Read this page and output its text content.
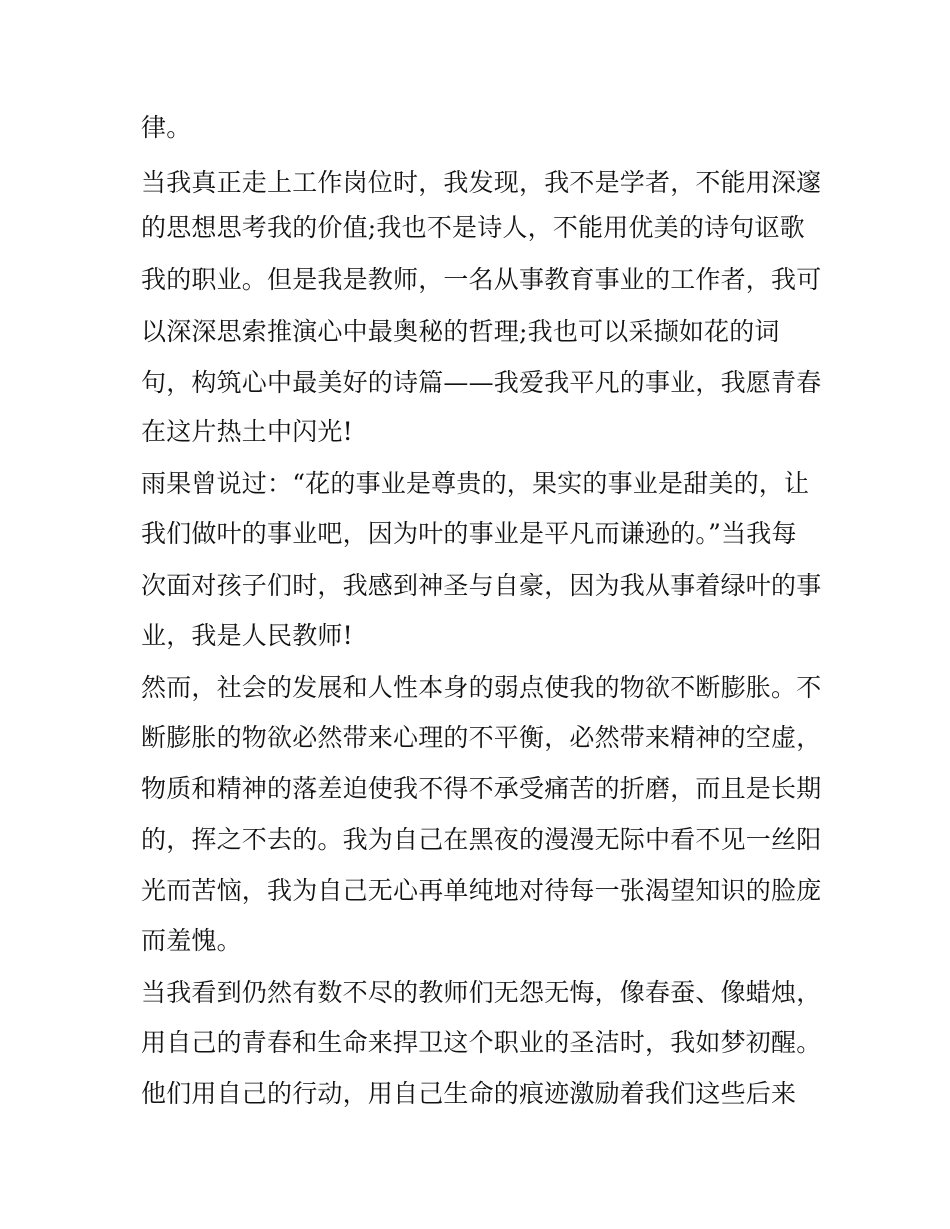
律。
当我真正走上工作岗位时，我发现，我不是学者，不能用深邃
的思想思考我的价值;我也不是诗人，不能用优美的诗句讴歌
我的职业。但是我是教师，一名从事教育事业的工作者，我可
以深深思索推演心中最奥秘的哲理;我也可以采撷如花的词
句，构筑心中最美好的诗篇——我爱我平凡的事业，我愿青春
在这片热土中闪光!
雨果曾说过：“花的事业是尊贵的，果实的事业是甜美的，让
我们做叶的事业吧，因为叶的事业是平凡而谦逊的。”当我每
次面对孩子们时，我感到神圣与自豪，因为我从事着绿叶的事
业，我是人民教师!
然而，社会的发展和人性本身的弱点使我的物欲不断膨胀。不
断膨胀的物欲必然带来心理的不平衡，必然带来精神的空虚，
物质和精神的落差迫使我不得不承受痛苦的折磨，而且是长期
的，挥之不去的。我为自己在黑夜的漫漫无际中看不见一丝阳
光而苦恼，我为自己无心再单纯地对待每一张渴望知识的脸庞
而羞愧。
当我看到仍然有数不尽的教师们无怨无悔，像春蚕、像蜡烛，
用自己的青春和生命来捍卫这个职业的圣洁时，我如梦初醒。
他们用自己的行动，用自己生命的痕迹激励着我们这些后来
